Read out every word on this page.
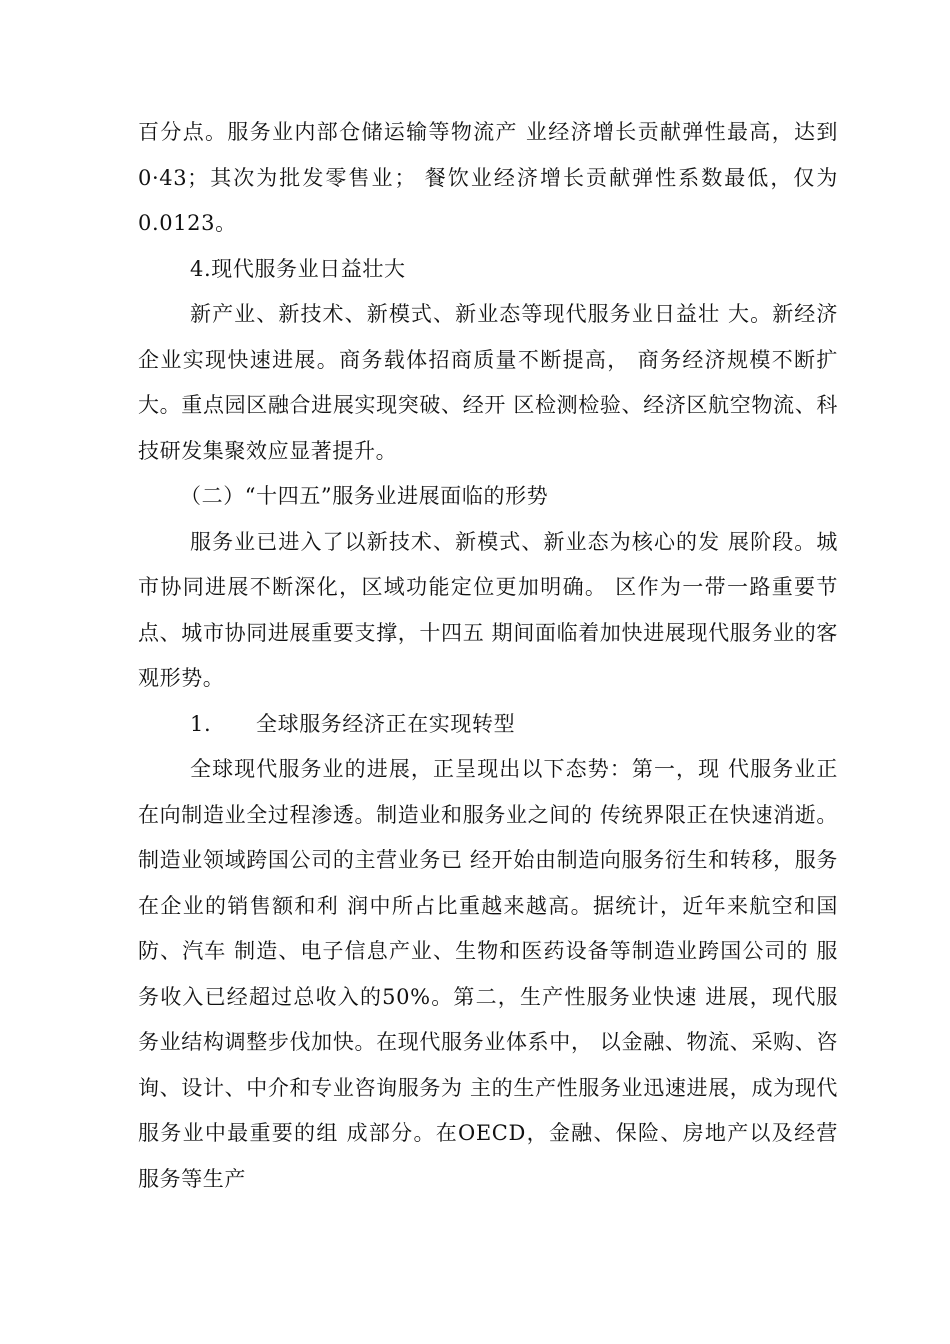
百分点。服务业内部仓储运输等物流产 业经济增长贡献弹性最高，达到0·43；其次为批发零售业； 餐饮业经济增长贡献弹性系数最低，仅为0.0123。

4.现代服务业日益壮大

新产业、新技术、新模式、新业态等现代服务业日益壮 大。新经济企业实现快速进展。商务载体招商质量不断提高， 商务经济规模不断扩大。重点园区融合进展实现突破、经开 区检测检验、经济区航空物流、科技研发集聚效应显著提升。

（二）“十四五”服务业进展面临的形势

服务业已进入了以新技术、新模式、新业态为核心的发 展阶段。城市协同进展不断深化，区域功能定位更加明确。 区作为一带一路重要节点、城市协同进展重要支撑，十四五 期间面临着加快进展现代服务业的客观形势。

1. 全球服务经济正在实现转型

全球现代服务业的进展，正呈现出以下态势：第一，现 代服务业正在向制造业全过程渗透。制造业和服务业之间的 传统界限正在快速消逝。制造业领域跨国公司的主营业务已 经开始由制造向服务衍生和转移，服务在企业的销售额和利 润中所占比重越来越高。据统计，近年来航空和国防、汽车 制造、电子信息产业、生物和医药设备等制造业跨国公司的 服务收入已经超过总收入的50%。第二，生产性服务业快速 进展，现代服务业结构调整步伐加快。在现代服务业体系中， 以金融、物流、采购、咨询、设计、中介和专业咨询服务为 主的生产性服务业迅速进展，成为现代服务业中最重要的组 成部分。在OECD，金融、保险、房地产以及经营服务等生产
